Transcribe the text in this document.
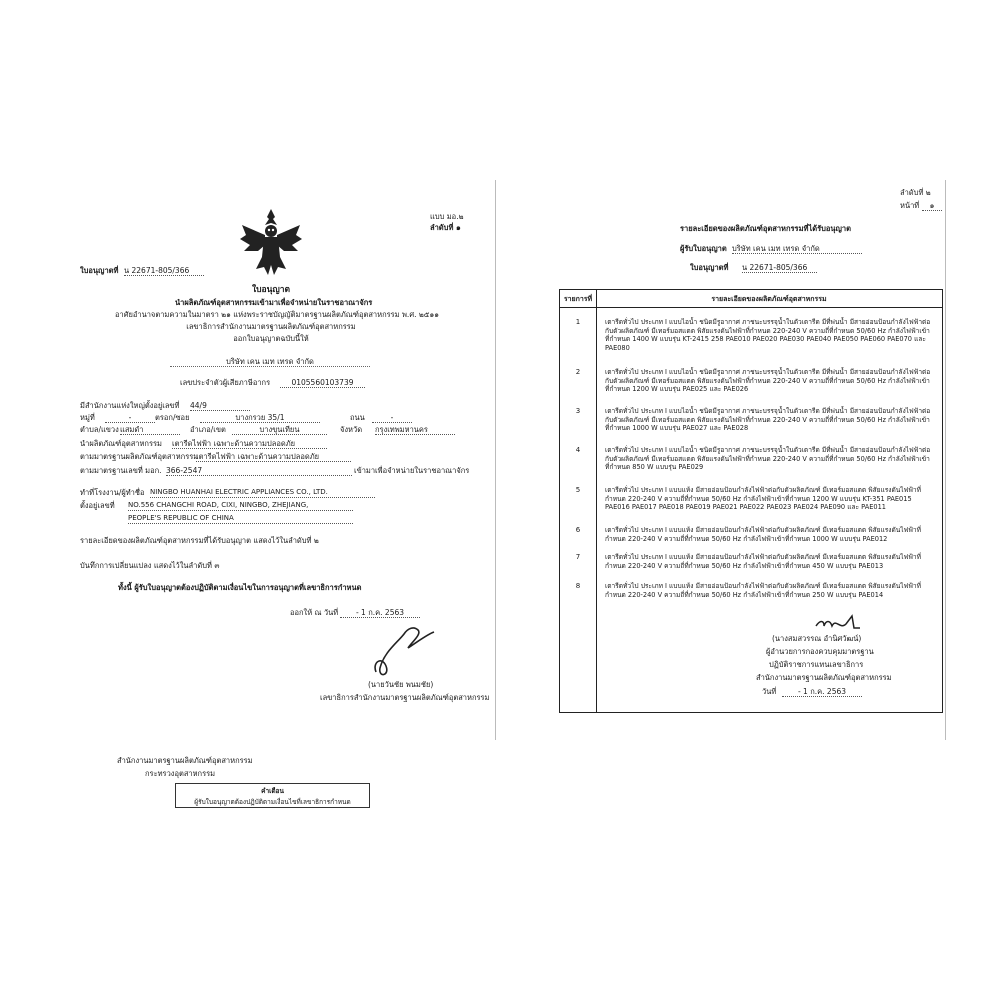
แบบ มอ.๒
ลำดับที่ ๑
ใบอนุญาตที่ น 22671-805/366
ใบอนุญาต
นำผลิตภัณฑ์อุตสาหกรรมเข้ามาเพื่อจำหน่ายในราชอาณาจักร
อาศัยอำนาจตามความในมาตรา ๒๑ แห่งพระราชบัญญัติมาตรฐานผลิตภัณฑ์อุตสาหกรรม พ.ศ. ๒๕๑๑
เลขาธิการสำนักงานมาตรฐานผลิตภัณฑ์อุตสาหกรรม
ออกใบอนุญาตฉบับนี้ให้
บริษัท เคน เมท เทรด จำกัด
เลขประจำตัวผู้เสียภาษีอากร	0105560103739
มีสำนักงานแห่งใหญ่ตั้งอยู่เลขที่ 44/9
หมู่ที่	-	ตรอก/ซอย	บางกรวย 35/1	ถนน	-
ตำบล/แขวง แสมดำ	อำเภอ/เขต	บางขุนเทียน	จังหวัด กรุงเทพมหานคร
นำผลิตภัณฑ์อุตสาหกรรม เตารีดไฟฟ้า เฉพาะด้านความปลอดภัย
ตามมาตรฐานผลิตภัณฑ์อุตสาหกรรม
เตารีดไฟฟ้า เฉพาะด้านความปลอดภัย
ตามมาตรฐานเลขที่ มอก. 366-2547	เข้ามาเพื่อจำหน่ายในราชอาณาจักร
ทำที่โรงงาน/ผู้ทำชื่อ NINGBO HUANHAI ELECTRIC APPLIANCES CO., LTD.
ตั้งอยู่เลขที่ NO.556 CHANGCHI ROAD, CIXI, NINGBO, ZHEJIANG,
PEOPLE'S REPUBLIC OF CHINA
รายละเอียดของผลิตภัณฑ์อุตสาหกรรมที่ได้รับอนุญาต แสดงไว้ในลำดับที่ ๒
บันทึกการเปลี่ยนแปลง แสดงไว้ในลำดับที่ ๓
ทั้งนี้ ผู้รับใบอนุญาตต้องปฏิบัติตามเงื่อนไขในการอนุญาตที่เลขาธิการกำหนด
ออกให้ ณ วันที่	- 1 ก.ค. 2563
(นายวันชัย พนมชัย)
เลขาธิการสำนักงานมาตรฐานผลิตภัณฑ์อุตสาหกรรม
สำนักงานมาตรฐานผลิตภัณฑ์อุตสาหกรรม
กระทรวงอุตสาหกรรม
คำเตือน
ผู้รับใบอนุญาตต้องปฏิบัติตามเงื่อนไขที่เลขาธิการกำหนด
ลำดับที่ ๒
หน้าที่	๑
รายละเอียดของผลิตภัณฑ์อุตสาหกรรมที่ได้รับอนุญาต
ผู้รับใบอนุญาต บริษัท เคน เมท เทรด จำกัด
ใบอนุญาตที่ น 22671-805/366
รายการที่	รายละเอียดของผลิตภัณฑ์อุตสาหกรรม
1	เตารีดทั่วไป ประเภท I แบบไอน้ำ ชนิดมีรูอากาศ ภาชนะบรรจุน้ำในตัวเตารีด มีที่พ่นน้ำ มีสายอ่อนป้อนกำลังไฟฟ้าต่อกับตัวผลิตภัณฑ์ มีเทอร์มอสแตต พิสัยแรงดันไฟฟ้าที่กำหนด 220-240 V ความถี่ที่กำหนด 50/60 Hz กำลังไฟฟ้าเข้าที่กำหนด 1400 W แบบรุ่น KT-2415 258 PAE010 PAE020 PAE030 PAE040 PAE050 PAE060 PAE070 และ PAE080
2	เตารีดทั่วไป ประเภท I แบบไอน้ำ ชนิดมีรูอากาศ ภาชนะบรรจุน้ำในตัวเตารีด มีที่พ่นน้ำ มีสายอ่อนป้อนกำลังไฟฟ้าต่อกับตัวผลิตภัณฑ์ มีเทอร์มอสแตต พิสัยแรงดันไฟฟ้าที่กำหนด 220-240 V ความถี่ที่กำหนด 50/60 Hz กำลังไฟฟ้าเข้าที่กำหนด 1200 W แบบรุ่น PAE025 และ PAE026
3	เตารีดทั่วไป ประเภท I แบบไอน้ำ ชนิดมีรูอากาศ ภาชนะบรรจุน้ำในตัวเตารีด มีที่พ่นน้ำ มีสายอ่อนป้อนกำลังไฟฟ้าต่อกับตัวผลิตภัณฑ์ มีเทอร์มอสแตต พิสัยแรงดันไฟฟ้าที่กำหนด 220-240 V ความถี่ที่กำหนด 50/60 Hz กำลังไฟฟ้าเข้าที่กำหนด 1000 W แบบรุ่น PAE027 และ PAE028
4	เตารีดทั่วไป ประเภท I แบบไอน้ำ ชนิดมีรูอากาศ ภาชนะบรรจุน้ำในตัวเตารีด มีที่พ่นน้ำ มีสายอ่อนป้อนกำลังไฟฟ้าต่อกับตัวผลิตภัณฑ์ มีเทอร์มอสแตต พิสัยแรงดันไฟฟ้าที่กำหนด 220-240 V ความถี่ที่กำหนด 50/60 Hz กำลังไฟฟ้าเข้าที่กำหนด 850 W แบบรุ่น PAE029
5	เตารีดทั่วไป ประเภท I แบบแห้ง มีสายอ่อนป้อนกำลังไฟฟ้าต่อกับตัวผลิตภัณฑ์ มีเทอร์มอสแตต พิสัยแรงดันไฟฟ้าที่กำหนด 220-240 V ความถี่ที่กำหนด 50/60 Hz กำลังไฟฟ้าเข้าที่กำหนด 1200 W แบบรุ่น KT-351 PAE015 PAE016 PAE017 PAE018 PAE019 PAE021 PAE022 PAE023 PAE024 PAE090 และ PAE011
6	เตารีดทั่วไป ประเภท I แบบแห้ง มีสายอ่อนป้อนกำลังไฟฟ้าต่อกับตัวผลิตภัณฑ์ มีเทอร์มอสแตต พิสัยแรงดันไฟฟ้าที่กำหนด 220-240 V ความถี่ที่กำหนด 50/60 Hz กำลังไฟฟ้าเข้าที่กำหนด 1000 W แบบรุ่น PAE012
7	เตารีดทั่วไป ประเภท I แบบแห้ง มีสายอ่อนป้อนกำลังไฟฟ้าต่อกับตัวผลิตภัณฑ์ มีเทอร์มอสแตต พิสัยแรงดันไฟฟ้าที่กำหนด 220-240 V ความถี่ที่กำหนด 50/60 Hz กำลังไฟฟ้าเข้าที่กำหนด 450 W แบบรุ่น PAE013
8	เตารีดทั่วไป ประเภท I แบบแห้ง มีสายอ่อนป้อนกำลังไฟฟ้าต่อกับตัวผลิตภัณฑ์ มีเทอร์มอสแตต พิสัยแรงดันไฟฟ้าที่กำหนด 220-240 V ความถี่ที่กำหนด 50/60 Hz กำลังไฟฟ้าเข้าที่กำหนด 250 W แบบรุ่น PAE014
(นางสมสวรรณ อำนิศวัฒน์)
ผู้อำนวยการกองควบคุมมาตรฐาน
ปฏิบัติราชการแทนเลขาธิการ
สำนักงานมาตรฐานผลิตภัณฑ์อุตสาหกรรม
วันที่	- 1 ก.ค. 2563
